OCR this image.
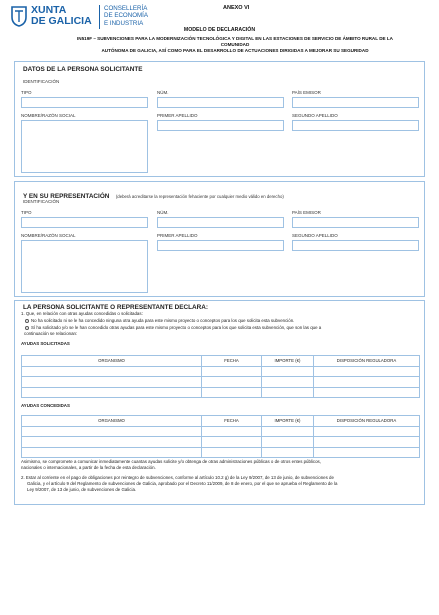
XUNTA
DE GALICIA
CONSELLERÍA
DE ECONOMÍA
E INDUSTRIA
ANEXO VI
MODELO DE DECLARACIÓN
IN519F – SUBVENCIONES PARA LA MODERNIZACIÓN TECNOLÓGICA Y DIGITAL EN LAS ESTACIONES DE SERVICIO DE ÁMBITO RURAL DE LA COMUNIDAD
AUTÓNOMA DE GALICIA, ASÍ COMO PARA EL DESARROLLO DE ACTUACIONES DIRIGIDAS A MEJORAR SU SEGURIDAD
DATOS DE LA PERSONA SOLICITANTE
IDENTIFICACIÓN
TIPO	NÚM.	PAÍS EMISOR
NOMBRE/RAZÓN SOCIAL	PRIMER APELLIDO	SEGUNDO APELLIDO
Y EN SU REPRESENTACIÓN (deberá acreditarse la representación fehaciente por cualquier medio válido en derecho)
IDENTIFICACIÓN
TIPO	NÚM.	PAÍS EMISOR
NOMBRE/RAZÓN SOCIAL	PRIMER APELLIDO	SEGUNDO APELLIDO
LA PERSONA SOLICITANTE O REPRESENTANTE DECLARA:
1. Que, en relación con otras ayudas concedidas o solicitadas:
No ha solicitado ni se le ha concedido ninguna otra ayuda para este mismo proyecto o conceptos para los que solicita esta subvención.
Sí ha solicitado y/o se le han concedido otras ayudas para este mismo proyecto o conceptos para los que solicita esta subvención, que son las que a
continuación se relacionan:
AYUDAS SOLICITADAS
ORGANISMO	FECHA	IMPORTE (€)	DISPOSICIÓN REGULADORA

AYUDAS CONCEDIDAS
ORGANISMO	FECHA	IMPORTE (€)	DISPOSICIÓN REGULADORA

Asimismo, se compromete a comunicar inmediatamente cuantas ayudas solicite y/o obtenga de otras administraciones públicas o de otros entes públicos,
nacionales o internacionales, a partir de la fecha de esta declaración.
2. Estar al corriente en el pago de obligaciones por reintegro de subvenciones, conforme al artículo 10.2 g) de la Ley 9/2007, de 13 de junio, de subvenciones de
Galicia, y el artículo 9 del Reglamento de subvenciones de Galicia, aprobado por el Decreto 11/2009, de 8 de enero, por el que se aprueba el Reglamento de la
Ley 9/2007, de 13 de junio, de subvenciones de Galicia.
